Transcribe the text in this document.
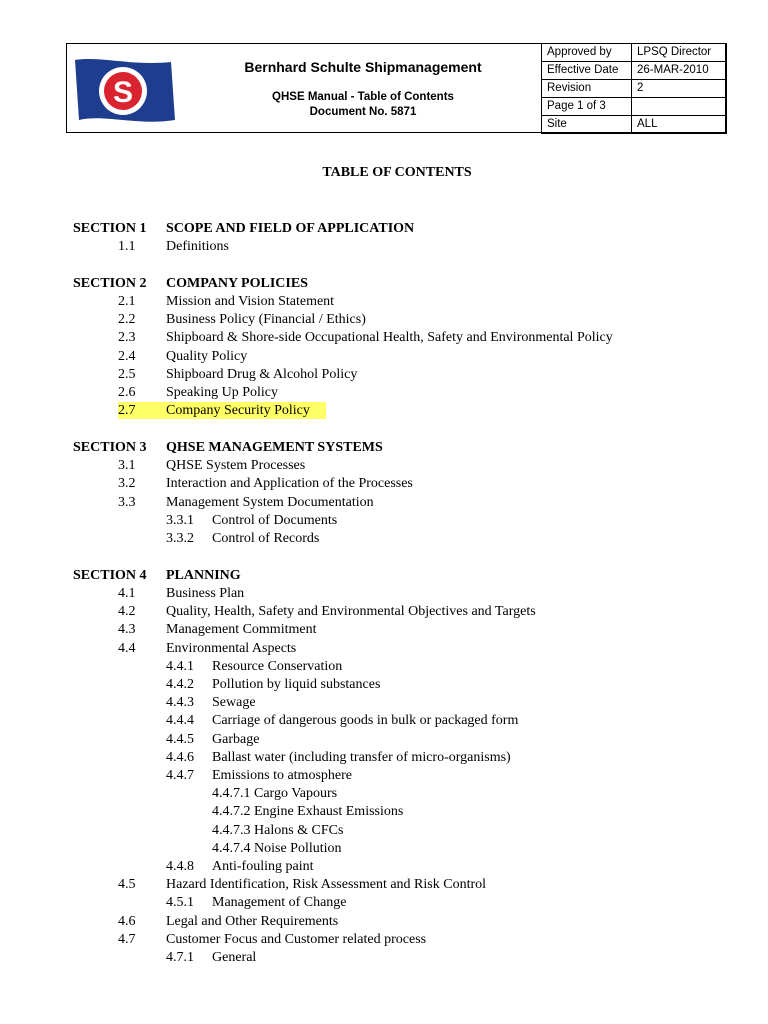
S
Bernhard Schulte Shipmanagement
QHSE Manual - Table of Contents
Document No. 5871
Approved by	LPSQ Director
Effective Date	26-MAR-2010
Revision	2
Page 1 of 3	
Site	ALL
TABLE OF CONTENTS
SECTION 1 SCOPE AND FIELD OF APPLICATION
1.1 Definitions
SECTION 2 COMPANY POLICIES
2.1 Mission and Vision Statement
2.2 Business Policy (Financial / Ethics)
2.3 Shipboard & Shore-side Occupational Health, Safety and Environmental Policy
2.4 Quality Policy
2.5 Shipboard Drug & Alcohol Policy
2.6 Speaking Up Policy
2.7 Company Security Policy
SECTION 3 QHSE MANAGEMENT SYSTEMS
3.1 QHSE System Processes
3.2 Interaction and Application of the Processes
3.3 Management System Documentation
3.3.1 Control of Documents
3.3.2 Control of Records
SECTION 4 PLANNING
4.1 Business Plan
4.2 Quality, Health, Safety and Environmental Objectives and Targets
4.3 Management Commitment
4.4 Environmental Aspects
4.4.1 Resource Conservation
4.4.2 Pollution by liquid substances
4.4.3 Sewage
4.4.4 Carriage of dangerous goods in bulk or packaged form
4.4.5 Garbage
4.4.6 Ballast water (including transfer of micro-organisms)
4.4.7 Emissions to atmosphere
4.4.7.1 Cargo Vapours
4.4.7.2 Engine Exhaust Emissions
4.4.7.3 Halons & CFCs
4.4.7.4 Noise Pollution
4.4.8 Anti-fouling paint
4.5 Hazard Identification, Risk Assessment and Risk Control
4.5.1 Management of Change
4.6 Legal and Other Requirements
4.7 Customer Focus and Customer related process
4.7.1 General
